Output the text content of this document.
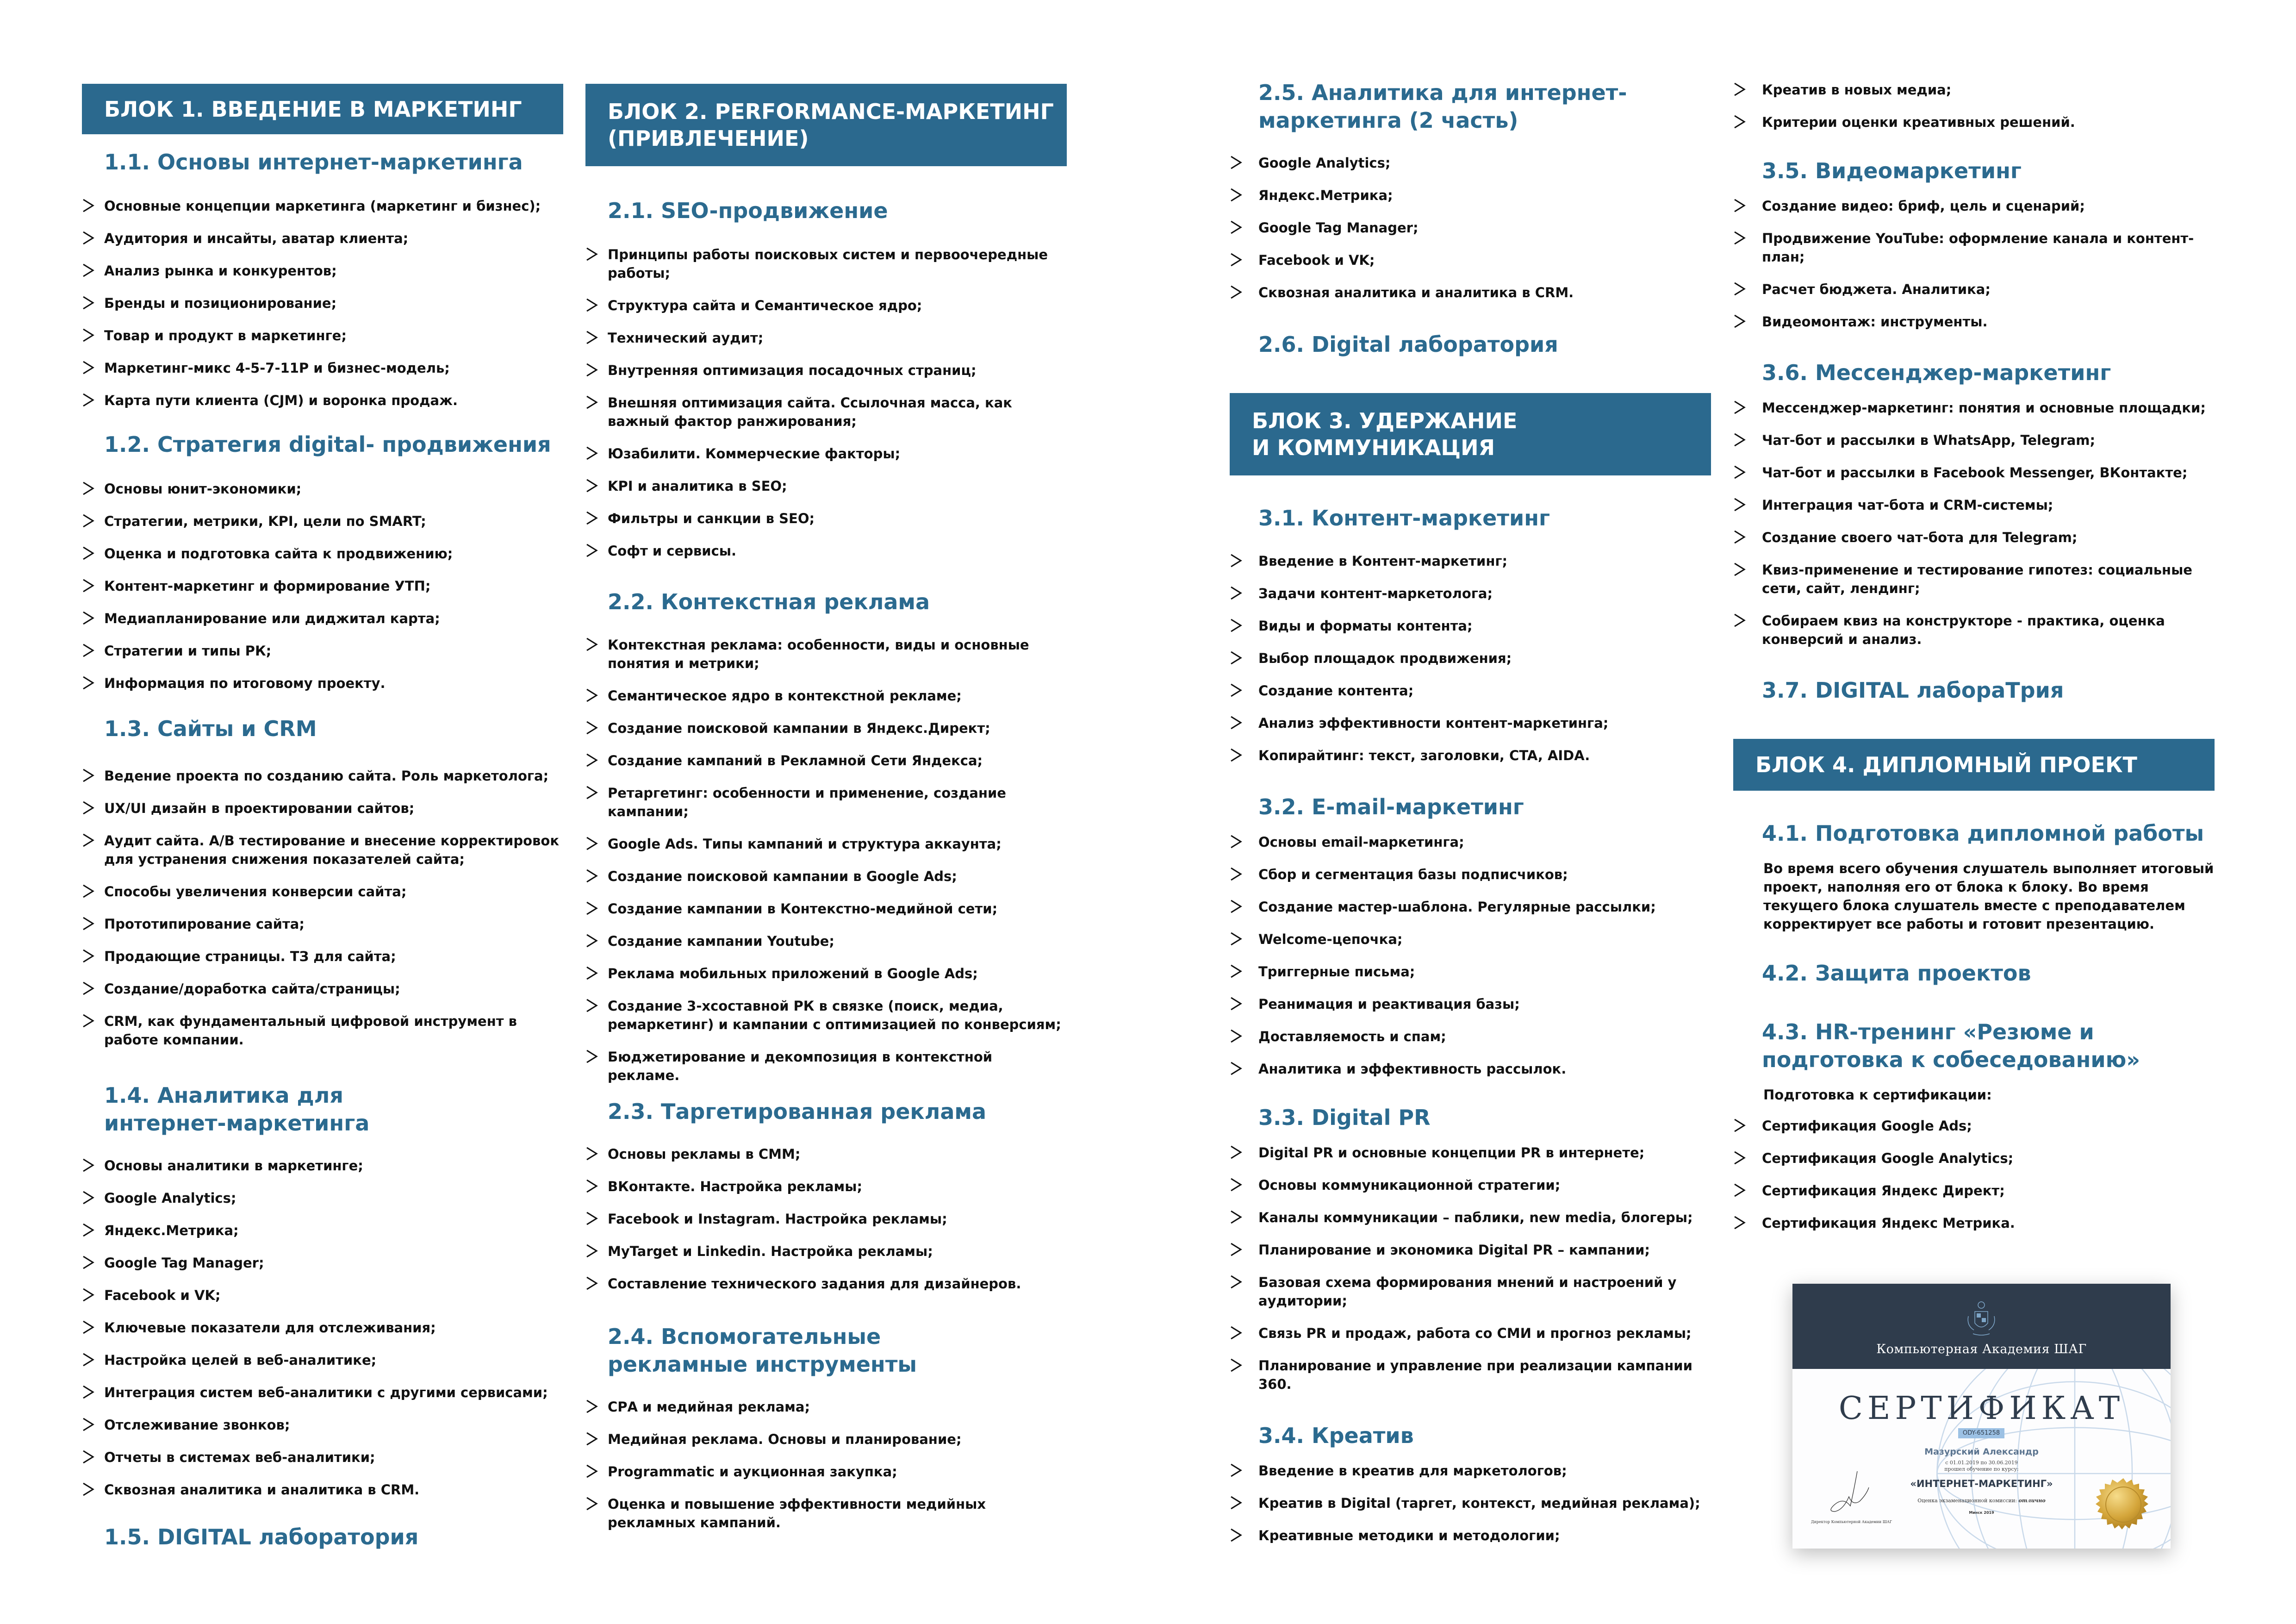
БЛОК 1. ВВЕДЕНИЕ В МАРКЕТИНГ
1.1. Основы интернет-маркетинга
Основные концепции маркетинга (маркетинг и бизнес);
Аудитория и инсайты, аватар клиента;
Анализ рынка и конкурентов;
Бренды и позиционирование;
Товар и продукт в маркетинге;
Маркетинг-микс 4-5-7-11P и бизнес-модель;
Карта пути клиента (CJM) и воронка продаж.
1.2. Стратегия digital- продвижения
Основы юнит-экономики;
Стратегии, метрики, KPI, цели по SMART;
Оценка и подготовка сайта к продвижению;
Контент-маркетинг и формирование УТП;
Медиапланирование или диджитал карта;
Стратегии и типы РК;
Информация по итоговому проекту.
1.3. Сайты и CRM
Ведение проекта по созданию сайта. Роль маркетолога;
UX/UI дизайн в проектировании сайтов;
Аудит сайта. А/В тестирование и внесение корректировок для устранения снижения показателей сайта;
Способы увеличения конверсии сайта;
Прототипирование сайта;
Продающие страницы. ТЗ для сайта;
Создание/доработка сайта/страницы;
CRM, как фундаментальный цифровой инструмент в работе компании.
1.4. Аналитика для интернет-маркетинга
Основы аналитики в маркетинге;
Google Analytics;
Яндекс.Метрика;
Google Tag Manager;
Facebook и VK;
Ключевые показатели для отслеживания;
Настройка целей в веб-аналитике;
Интеграция систем веб-аналитики с другими сервисами;
Отслеживание звонков;
Отчеты в системах веб-аналитики;
Сквозная аналитика и аналитика в CRM.
1.5. DIGITAL лаборатория
БЛОК 2. PERFORMANCE-МАРКЕТИНГ
(ПРИВЛЕЧЕНИЕ)
2.1. SEO-продвижение
Принципы работы поисковых систем и первоочередные работы;
Структура сайта и Семантическое ядро;
Технический аудит;
Внутренняя оптимизация посадочных страниц;
Внешняя оптимизация сайта. Ссылочная масса, как важный фактор ранжирования;
Юзабилити. Коммерческие факторы;
KPI и аналитика в SEO;
Фильтры и санкции в SEO;
Софт и сервисы.
2.2. Контекстная реклама
Контекстная реклама: особенности, виды и основные понятия и метрики;
Семантическое ядро в контекстной рекламе;
Создание поисковой кампании в Яндекс.Директ;
Создание кампаний в Рекламной Сети Яндекса;
Ретаргетинг: особенности и применение, создание кампании;
Google Ads. Типы кампаний и структура аккаунта;
Создание поисковой кампании в Google Ads;
Создание кампании в Контекстно-медийной сети;
Создание кампании Youtube;
Реклама мобильных приложений в Google Ads;
Создание 3-хсоставной РК в связке (поиск, медиа, ремаркетинг) и кампании с оптимизацией по конверсиям;
Бюджетирование и декомпозиция в контекстной рекламе.
2.3. Таргетированная реклама
Основы рекламы в СММ;
ВКонтакте. Настройка рекламы;
Facebook и Instagram. Настройка рекламы;
MyTarget и Linkedin. Настройка рекламы;
Составление технического задания для дизайнеров.
2.4. Вспомогательные рекламные инструменты
СРА и медийная реклама;
Медийная реклама. Основы и планирование;
Programmatic и аукционная закупка;
Оценка и повышение эффективности медийных рекламных кампаний.
2.5. Аналитика для интернет-маркетинга (2 часть)
Google Analytics;
Яндекс.Метрика;
Google Tag Manager;
Facebook и VK;
Сквозная аналитика и аналитика в CRM.
2.6. Digital лаборатория
БЛОК 3. УДЕРЖАНИЕ
И КОММУНИКАЦИЯ
3.1. Контент-маркетинг
Введение в Контент-маркетинг;
Задачи контент-маркетолога;
Виды и форматы контента;
Выбор площадок продвижения;
Создание контента;
Анализ эффективности контент-маркетинга;
Копирайтинг: текст, заголовки, CTA, AIDA.
3.2. E-mail-маркетинг
Основы email-маркетинга;
Сбор и сегментация базы подписчиков;
Создание мастер-шаблона. Регулярные рассылки;
Welcome-цепочка;
Триггерные письма;
Реанимация и реактивация базы;
Доставляемость и спам;
Аналитика и эффективность рассылок.
3.3. Digital PR
Digital PR и основные концепции PR в интернете;
Основы коммуникационной стратегии;
Каналы коммуникации – паблики, new media, блогеры;
Планирование и экономика Digital PR – кампании;
Базовая схема формирования мнений и настроений у аудитории;
Связь PR и продаж, работа со СМИ и прогноз рекламы;
Планирование и управление при реализации кампании 360.
3.4. Креатив
Введение в креатив для маркетологов;
Креатив в Digital (таргет, контекст, медийная реклама);
Креативные методики и методологии;
Креатив в новых медиа;
Критерии оценки креативных решений.
3.5. Видеомаркетинг
Создание видео: бриф, цель и сценарий;
Продвижение YouTube: оформление канала и контент-план;
Расчет бюджета. Аналитика;
Видеомонтаж: инструменты.
3.6. Мессенджер-маркетинг
Мессенджер-маркетинг: понятия и основные площадки;
Чат-бот и рассылки в WhatsApp, Telegram;
Чат-бот и рассылки в Facebook Messenger, ВКонтакте;
Интеграция чат-бота и CRM-системы;
Создание своего чат-бота для Telegram;
Квиз-применение и тестирование гипотез: социальные сети, сайт, лендинг;
Собираем квиз на конструкторе - практика, оценка конверсий и анализ.
3.7. DIGITAL лабораТрия
БЛОК 4. ДИПЛОМНЫЙ ПРОЕКТ
4.1. Подготовка дипломной работы
Во время всего обучения слушатель выполняет итоговый проект, наполняя его от блока к блоку. Во время текущего блока слушатель вместе с преподавателем корректирует все работы и готовит презентацию.
4.2. Защита проектов
4.3. HR-тренинг «Резюме и подготовка к собеседованию»
Подготовка к сертификации:
Сертификация Google Ads;
Сертификация Google Analytics;
Сертификация Яндекс Директ;
Сертификация Яндекс Метрика.
Компьютерная Академия ШАГ
СЕРТИФИКАТ
ODY-651258
Мазурский Александр
с 01.01.2019 по 30.06.2019
прошел обучение по курсу:
«ИНТЕРНЕТ-МАРКЕТИНГ»
Оценка экзаменационной комиссии: отлично
Минск 2019
Директор Компьютерной Академии ШАГ
